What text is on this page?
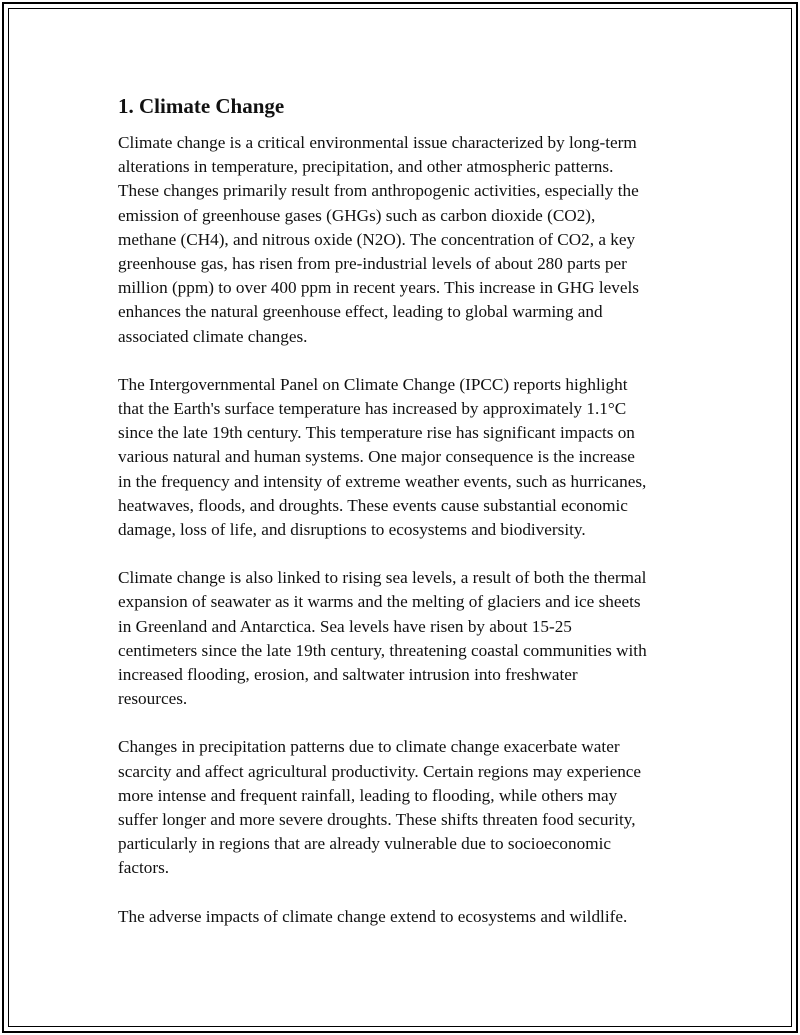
1. Climate Change
Climate change is a critical environmental issue characterized by long-term
alterations in temperature, precipitation, and other atmospheric patterns.
These changes primarily result from anthropogenic activities, especially the
emission of greenhouse gases (GHGs) such as carbon dioxide (CO2),
methane (CH4), and nitrous oxide (N2O). The concentration of CO2, a key
greenhouse gas, has risen from pre-industrial levels of about 280 parts per
million (ppm) to over 400 ppm in recent years. This increase in GHG levels
enhances the natural greenhouse effect, leading to global warming and
associated climate changes.
The Intergovernmental Panel on Climate Change (IPCC) reports highlight
that the Earth's surface temperature has increased by approximately 1.1°C
since the late 19th century. This temperature rise has significant impacts on
various natural and human systems. One major consequence is the increase
in the frequency and intensity of extreme weather events, such as hurricanes,
heatwaves, floods, and droughts. These events cause substantial economic
damage, loss of life, and disruptions to ecosystems and biodiversity.
Climate change is also linked to rising sea levels, a result of both the thermal
expansion of seawater as it warms and the melting of glaciers and ice sheets
in Greenland and Antarctica. Sea levels have risen by about 15-25
centimeters since the late 19th century, threatening coastal communities with
increased flooding, erosion, and saltwater intrusion into freshwater
resources.
Changes in precipitation patterns due to climate change exacerbate water
scarcity and affect agricultural productivity. Certain regions may experience
more intense and frequent rainfall, leading to flooding, while others may
suffer longer and more severe droughts. These shifts threaten food security,
particularly in regions that are already vulnerable due to socioeconomic
factors.
The adverse impacts of climate change extend to ecosystems and wildlife.
